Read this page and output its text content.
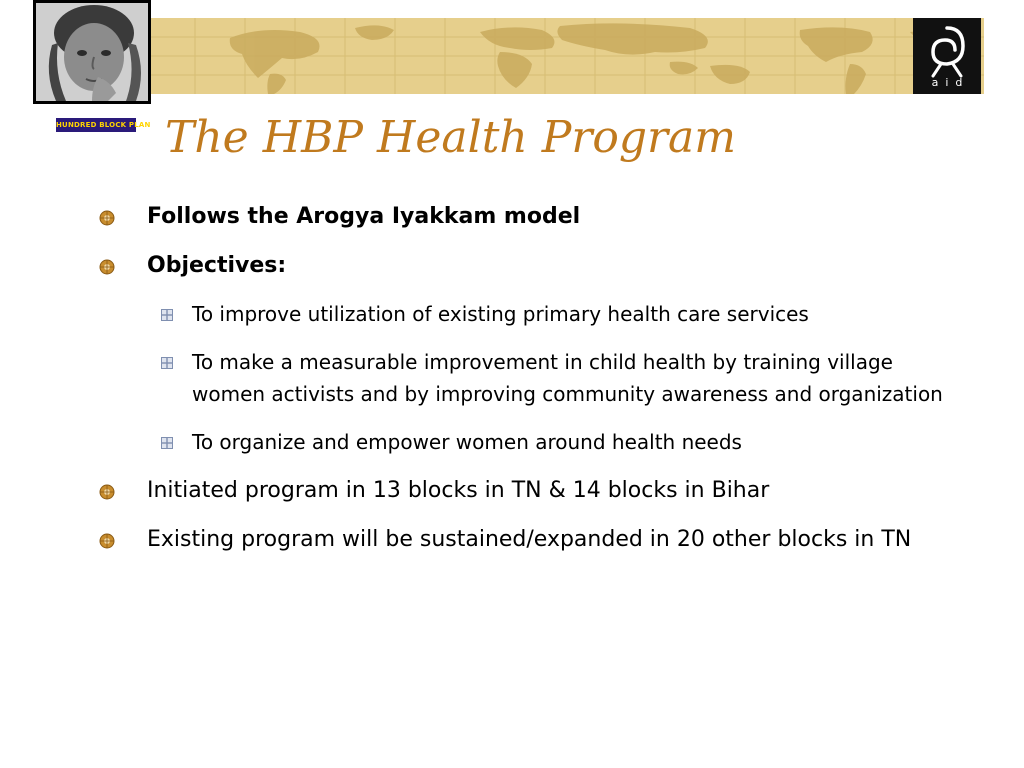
HUNDRED BLOCK PLAN
aid
The HBP Health Program
Follows the Arogya Iyakkam model
Objectives:
To improve utilization of existing primary health care services
To make a measurable improvement in child health by training village women activists and by improving community awareness and organization
To organize and empower women around health needs
Initiated program in 13 blocks in TN & 14 blocks in Bihar
Existing program will be sustained/expanded in 20 other blocks in TN
